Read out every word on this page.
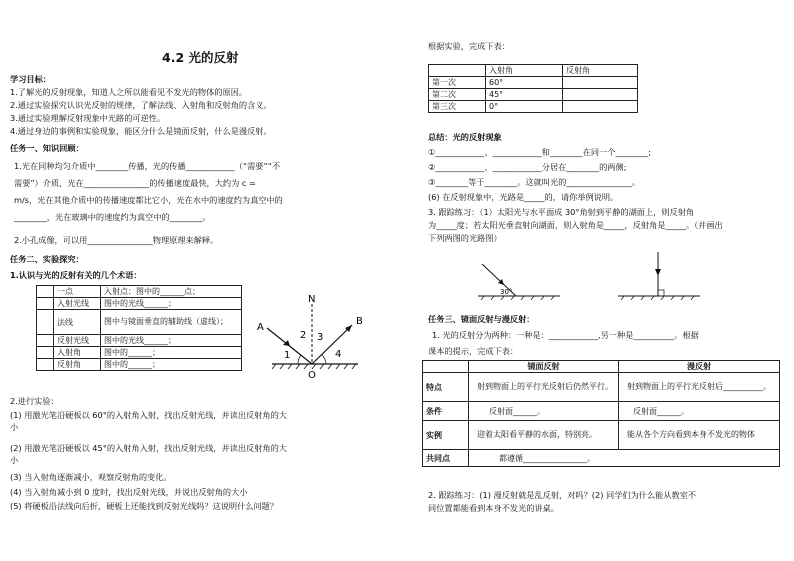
4.2 光的反射
学习目标：
1.了解光的反射现象，知道人之所以能看见不发光的物体的原因。
2.通过实验探究认识光反射的规律，了解法线、入射角和反射角的含义。
3.通过实验理解反射现象中光路的可逆性。
4.通过身边的事例和实验现象，能区分什么是镜面反射，什么是漫反射。
任务一、知识回顾：
1.光在同种均匀介质中________传播，光的传播____________（“需要”“不
需要”）介质，光在________________的传播速度最快，大约为 c =
m/s，光在其他介质中的传播速度都比它小，光在水中的速度约为真空中的
________，光在玻璃中的速度约为真空中的________。
2.小孔成像，可以用________________物理原理来解释。
任务二、实验探究：
1.认识与光的反射有关的几个术语：
	一点	入射点：图中的______点；
	入射光线	图中的光线______；
	法线	图中与镜面垂直的辅助线（虚线）；
	反射光线	图中的光线______；
	入射角	图中的______；
	反射角	图中的______；
N
A
B
O
1
2 3
4
2.进行实验：
(1) 用激光笔沿硬板以 60°的入射角入射，找出反射光线，并读出反射角的大
小
(2) 用激光笔沿硬板以 45°的入射角入射，找出反射光线，并读出反射角的大
小
(3) 当入射角逐渐减小，观察反射角的变化。
(4) 当入射角减小到 0 度时，找出反射光线，并说出反射角的大小
(5) 将硬板沿法线向后折，硬板上还能找到反射光线吗？这说明什么问题？
根据实验，完成下表：
	入射角	反射角
第一次	60°	
第二次	45°	
第三次	0°	
总结：光的反射现象
①____________、____________和________在同一个________;
②____________、____________分居在________的两侧;
③________等于________。这就叫光的________________。
(6) 在反射现象中，光路是_____的，请你举例说明。
3. 跟踪练习：（1）太阳光与水平面成 30°角射到平静的湖面上，则反射角
为_____度；若太阳光垂直射向湖面，则入射角是_____，反射角是_____。（并画出
下列两图的光路图）
30°
任务三、镜面反射与漫反射：
1. 光的反射分为两种：一种是：____________,另一种是__________。根据
课本的提示，完成下表：
	镜面反射	漫反射
特点	射到物面上的平行光反射后仍然平行。	射到物面上的平行光反射后__________。
条件	反射面______。	反射面______。
实例	迎着太阳看平静的水面，特别亮。	能从各个方向看到本身不发光的物体
共同点	都遵循________________。	
2. 跟踪练习：(1) 漫反射就是乱反射，对吗？(2) 同学们为什么能从教室不
同位置都能看到本身不发光的讲桌。
